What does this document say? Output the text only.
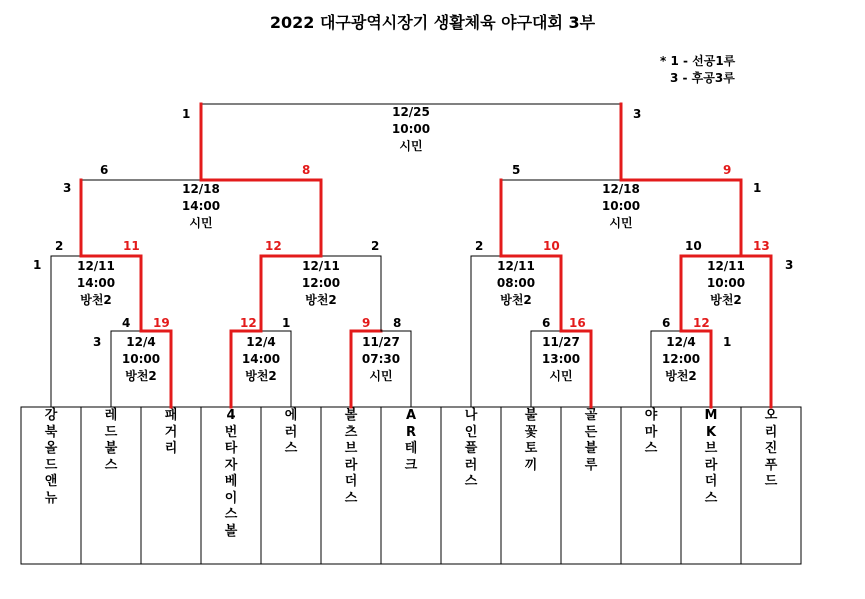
2022 대구광역시장기 생활체육 야구대회 3부
* 1 - 선공1루
3 - 후공3루
강
북
올
드
앤
뉴
레
드
불
스
패
거
리
4
번
타
자
베
이
스
볼
에
러
스
볼
츠
브
라
더
스
A
R
테
크
나
인
플
러
스
불
꽃
토
끼
골
든
블
루
야
마
스
M
K
브
라
더
스
오
리
진
푸
드
12/25
10:00
시민
12/18
14:00
시민
12/18
10:00
시민
12/11
14:00
방천2
12/11
12:00
방천2
12/11
08:00
방천2
12/11
10:00
방천2
12/4
10:00
방천2
12/4
14:00
방천2
11/27
07:30
시민
11/27
13:00
시민
12/4
12:00
방천2
1	3
6	8
3
5	9
1
2	11
1
12	2	2	10	10	13
3
4 19
3
12 1	9 8	6 16	6 12
1
